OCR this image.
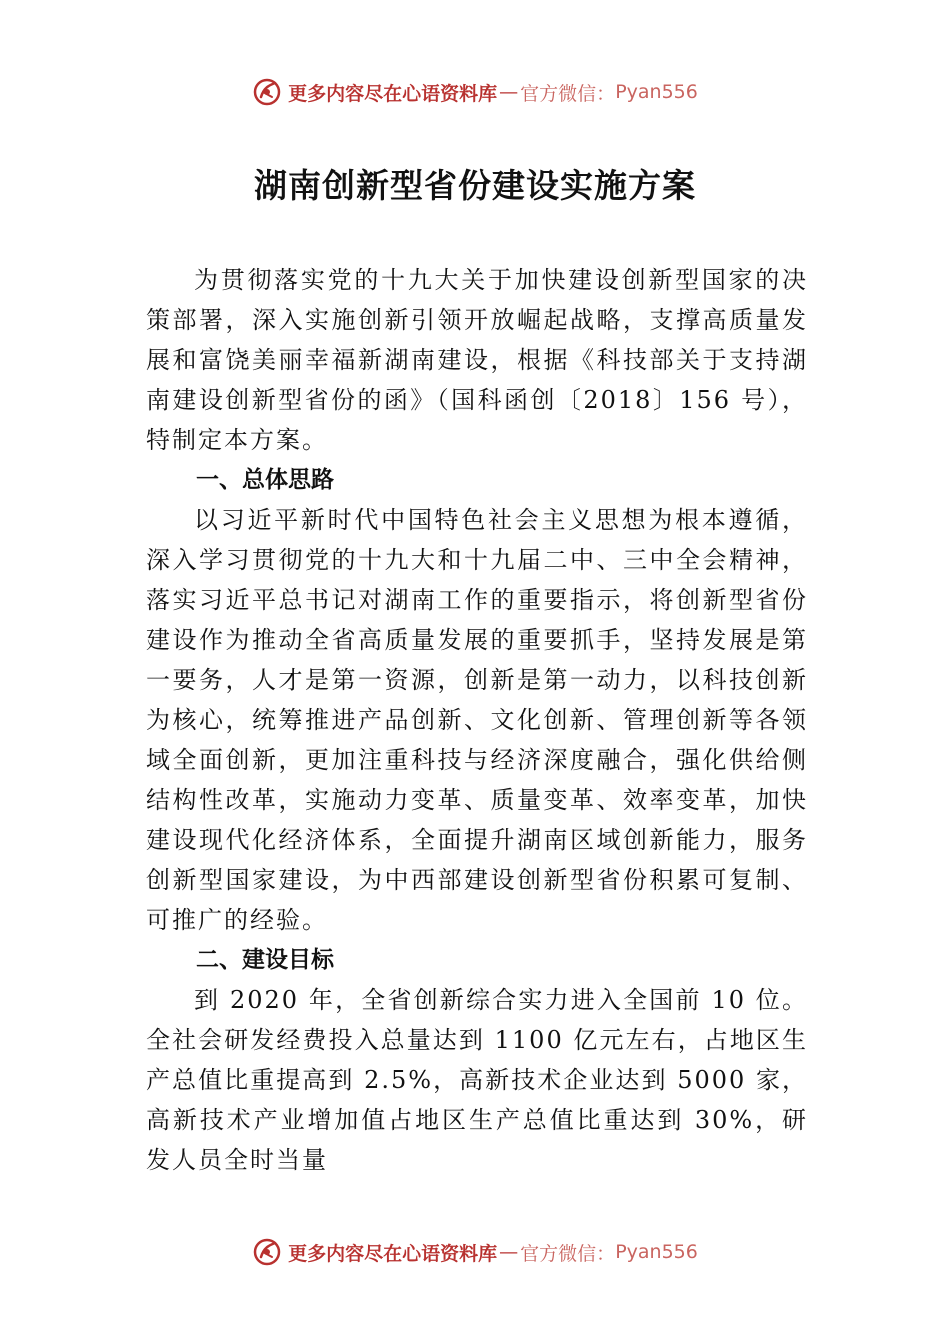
更多内容尽在心语资料库 — 官方微信： Pyan556
湖南创新型省份建设实施方案

为贯彻落实党的十九大关于加快建设创新型国家的决策部署，深入实施创新引领开放崛起战略，支撑高质量发展和富饶美丽幸福新湖南建设，根据《科技部关于支持湖南建设创新型省份的函》（国科函创〔2018〕156 号），特制定本方案。

一、总体思路

以习近平新时代中国特色社会主义思想为根本遵循，深入学习贯彻党的十九大和十九届二中、三中全会精神，落实习近平总书记对湖南工作的重要指示，将创新型省份建设作为推动全省高质量发展的重要抓手，坚持发展是第一要务，人才是第一资源，创新是第一动力，以科技创新为核心，统筹推进产品创新、文化创新、管理创新等各领域全面创新，更加注重科技与经济深度融合，强化供给侧结构性改革，实施动力变革、质量变革、效率变革，加快建设现代化经济体系，全面提升湖南区域创新能力，服务创新型国家建设，为中西部建设创新型省份积累可复制、可推广的经验。

二、建设目标

到 2020 年，全省创新综合实力进入全国前 10 位。全社会研发经费投入总量达到 1100 亿元左右，占地区生产总值比重提高到 2.5%，高新技术企业达到 5000 家，高新技术产业增加值占地区生产总值比重达到 30%，研发人员全时当量

更多内容尽在心语资料库 — 官方微信： Pyan556
